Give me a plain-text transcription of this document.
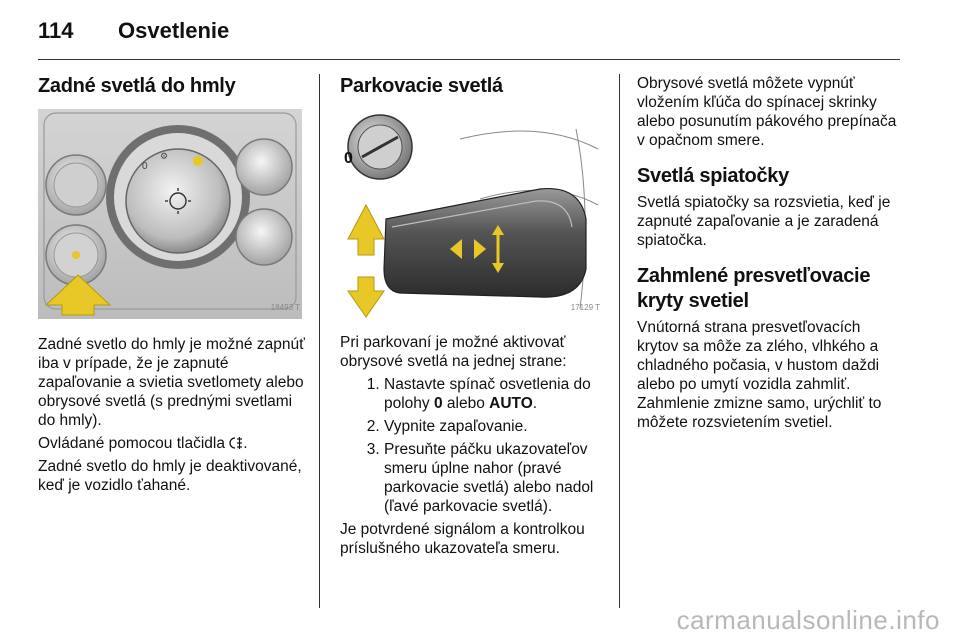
114 Osvetlenie
Zadné svetlá do hmly
0
⚙
18493 T

Zadné svetlo do hmly je možné zapnúť iba v prípade, že je zapnuté zapaľovanie a svietia svetlomety alebo obrysové svetlá (s prednými svetlami do hmly).

Ovládané pomocou tlačidla .

Zadné svetlo do hmly je deaktivované, keď je vozidlo ťahané.

Parkovacie svetlá
0
17129 T

Pri parkovaní je možné aktivovať obrysové svetlá na jednej strane:

1. Nastavte spínač osvetlenia do polohy 0 alebo AUTO.
2. Vypnite zapaľovanie.
3. Presuňte páčku ukazovateľov smeru úplne nahor (pravé parkovacie svetlá) alebo nadol (ľavé parkovacie svetlá).

Je potvrdené signálom a kontrolkou príslušného ukazovateľa smeru.

Obrysové svetlá môžete vypnúť vložením kľúča do spínacej skrinky alebo posunutím pákového prepínača v opačnom smere.

Svetlá spiatočky

Svetlá spiatočky sa rozsvietia, keď je zapnuté zapaľovanie a je zaradená spiatočka.

Zahmlené presvetľovacie kryty svetiel

Vnútorná strana presvetľovacích krytov sa môže za zlého, vlhkého a chladného počasia, v hustom daždi alebo po umytí vozidla zahmliť. Zahmlenie zmizne samo, urýchliť to môžete rozsvietením svetiel.

carmanualsonline.info
